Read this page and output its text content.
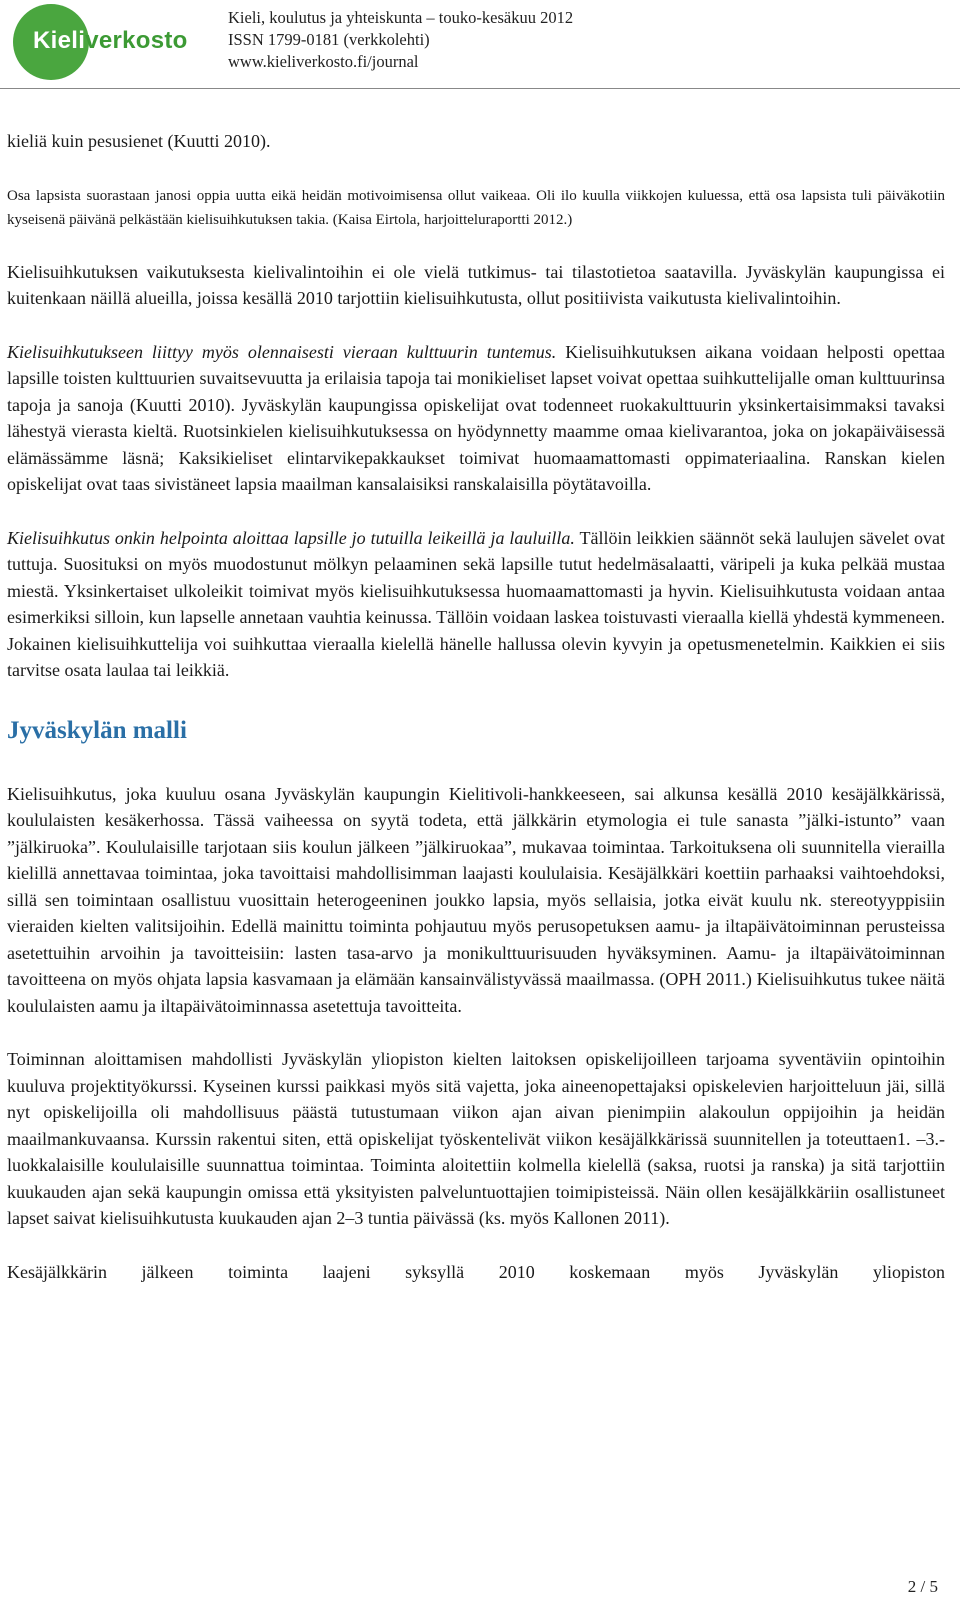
Kieliverkosto

Kieli, koulutus ja yhteiskunta – touko-kesäkuu 2012
ISSN 1799-0181 (verkkolehti)
www.kieliverkosto.fi/journal

kieliä kuin pesusienet (Kuutti 2010).

Osa lapsista suorastaan janosi oppia uutta eikä heidän motivoimisensa ollut vaikeaa. Oli ilo kuulla viikkojen kuluessa, että osa lapsista tuli päiväkotiin kyseisenä päivänä pelkästään kielisuihkutuksen takia. (Kaisa Eirtola, harjoitteluraportti 2012.)

Kielisuihkutuksen vaikutuksesta kielivalintoihin ei ole vielä tutkimus- tai tilastotietoa saatavilla. Jyväskylän kaupungissa ei kuitenkaan näillä alueilla, joissa kesällä 2010 tarjottiin kielisuihkutusta, ollut positiivista vaikutusta kielivalintoihin.

Kielisuihkutukseen liittyy myös olennaisesti vieraan kulttuurin tuntemus. Kielisuihkutuksen aikana voidaan helposti opettaa lapsille toisten kulttuurien suvaitsevuutta ja erilaisia tapoja tai monikieliset lapset voivat opettaa suihkuttelijalle oman kulttuurinsa tapoja ja sanoja (Kuutti 2010). Jyväskylän kaupungissa opiskelijat ovat todenneet ruokakulttuurin yksinkertaisimmaksi tavaksi lähestyä vierasta kieltä. Ruotsinkielen kielisuihkutuksessa on hyödynnetty maamme omaa kielivarantoa, joka on jokapäiväisessä elämässämme läsnä; Kaksikieliset elintarvikepakkaukset toimivat huomaamattomasti oppimateriaalina. Ranskan kielen opiskelijat ovat taas sivistäneet lapsia maailman kansalaisiksi ranskalaisilla pöytätavoilla.

Kielisuihkutus onkin helpointa aloittaa lapsille jo tutuilla leikeillä ja lauluilla. Tällöin leikkien säännöt sekä laulujen sävelet ovat tuttuja. Suosituksi on myös muodostunut mölkyn pelaaminen sekä lapsille tutut hedelmäsalaatti, väripeli ja kuka pelkää mustaa miestä. Yksinkertaiset ulkoleikit toimivat myös kielisuihkutuksessa huomaamattomasti ja hyvin. Kielisuihkutusta voidaan antaa esimerkiksi silloin, kun lapselle annetaan vauhtia keinussa. Tällöin voidaan laskea toistuvasti vieraalla kiellä yhdestä kymmeneen. Jokainen kielisuihkuttelija voi suihkuttaa vieraalla kielellä hänelle hallussa olevin kyvyin ja opetusmenetelmin. Kaikkien ei siis tarvitse osata laulaa tai leikkiä.

Jyväskylän malli

Kielisuihkutus, joka kuuluu osana Jyväskylän kaupungin Kielitivoli-hankkeeseen, sai alkunsa kesällä 2010 kesäjälkkärissä, koululaisten kesäkerhossa. Tässä vaiheessa on syytä todeta, että jälkkärin etymologia ei tule sanasta ”jälki-istunto” vaan ”jälkiruoka”. Koululaisille tarjotaan siis koulun jälkeen ”jälkiruokaa”, mukavaa toimintaa. Tarkoituksena oli suunnitella vierailla kielillä annettavaa toimintaa, joka tavoittaisi mahdollisimman laajasti koululaisia. Kesäjälkkäri koettiin parhaaksi vaihtoehdoksi, sillä sen toimintaan osallistuu vuosittain heterogeeninen joukko lapsia, myös sellaisia, jotka eivät kuulu nk. stereotyyppisiin vieraiden kielten valitsijoihin. Edellä mainittu toiminta pohjautuu myös perusopetuksen aamu- ja iltapäivätoiminnan perusteissa asetettuihin arvoihin ja tavoitteisiin: lasten tasa-arvo ja monikulttuurisuuden hyväksyminen. Aamu- ja iltapäivätoiminnan tavoitteena on myös ohjata lapsia kasvamaan ja elämään kansainvälistyvässä maailmassa. (OPH 2011.) Kielisuihkutus tukee näitä koululaisten aamu ja iltapäivätoiminnassa asetettuja tavoitteita.

Toiminnan aloittamisen mahdollisti Jyväskylän yliopiston kielten laitoksen opiskelijoilleen tarjoama syventäviin opintoihin kuuluva projektityökurssi. Kyseinen kurssi paikkasi myös sitä vajetta, joka aineenopettajaksi opiskelevien harjoitteluun jäi, sillä nyt opiskelijoilla oli mahdollisuus päästä tutustumaan viikon ajan aivan pienimpiin alakoulun oppijoihin ja heidän maailmankuvaansa. Kurssin rakentui siten, että opiskelijat työskentelivät viikon kesäjälkkärissä suunnitellen ja toteuttaen1. –3.-luokkalaisille koululaisille suunnattua toimintaa. Toiminta aloitettiin kolmella kielellä (saksa, ruotsi ja ranska) ja sitä tarjottiin kuukauden ajan sekä kaupungin omissa että yksityisten palveluntuottajien toimipisteissä. Näin ollen kesäjälkkäriin osallistuneet lapset saivat kielisuihkutusta kuukauden ajan 2–3 tuntia päivässä (ks. myös Kallonen 2011).

Kesäjälkkärin jälkeen toiminta laajeni syksyllä 2010 koskemaan myös Jyväskylän yliopiston

2 / 5
